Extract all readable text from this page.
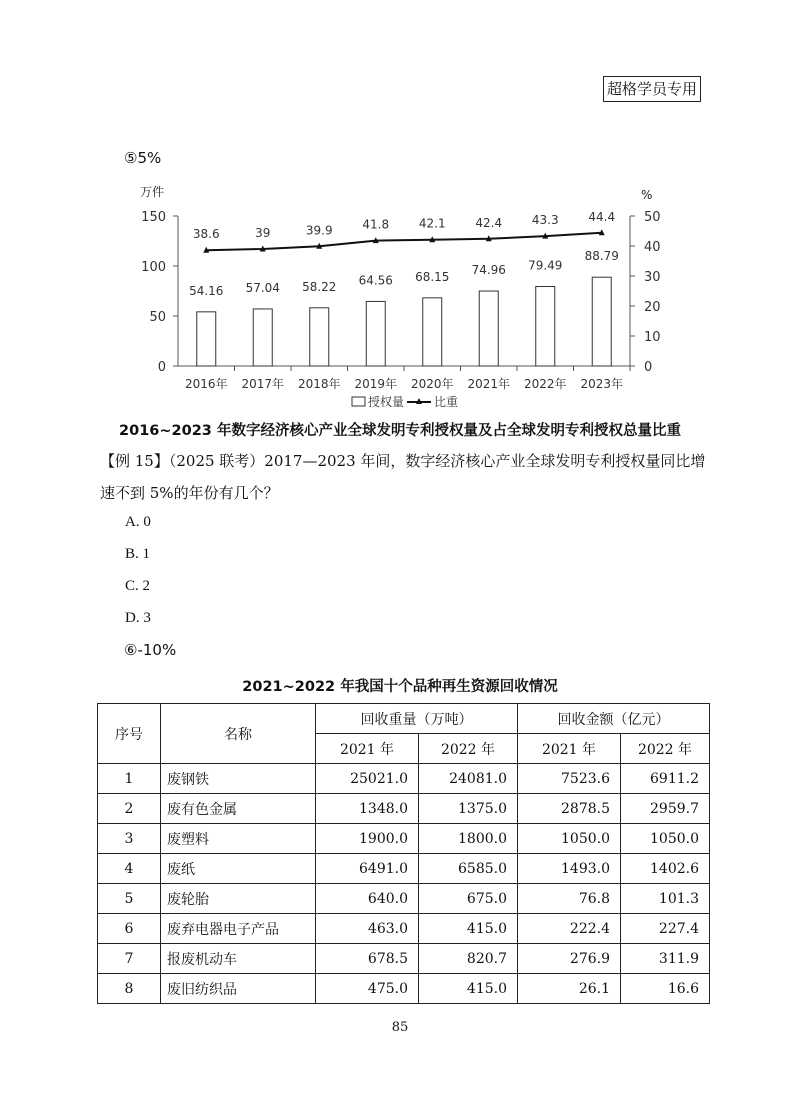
超格学员专用
⑤5%
万件	%
0
50
100
150
0
10
20
30
40
50
54.16
2016年
57.04
2017年
58.22
2018年
64.56
2019年
68.15
2020年
74.96
2021年
79.49
2022年
88.79
2023年
38.6	39	39.9 41.8 42.1 42.4 43.3 44.4
授权量 比重
2016~2023 年数字经济核心产业全球发明专利授权量及占全球发明专利授权总量比重
【例 15】（2025 联考）2017—2023 年间，数字经济核心产业全球发明专利授权量同比增
速不到 5%的年份有几个？
A. 0
B. 1
C. 2
D. 3
⑥-10%
2021~2022 年我国十个品种再生资源回收情况
序号	名称	回收重量（万吨）		回收金额（亿元）	
		2021 年	2022 年	2021 年	2022 年
1	废钢铁	25021.0	24081.0	7523.6	6911.2
2	废有色金属	1348.0	1375.0	2878.5	2959.7
3	废塑料	1900.0	1800.0	1050.0	1050.0
4	废纸	6491.0	6585.0	1493.0	1402.6
5	废轮胎	640.0	675.0	76.8	101.3
6	废弃电器电子产品	463.0	415.0	222.4	227.4
7	报废机动车	678.5	820.7	276.9	311.9
8	废旧纺织品	475.0	415.0	26.1	16.6
85
